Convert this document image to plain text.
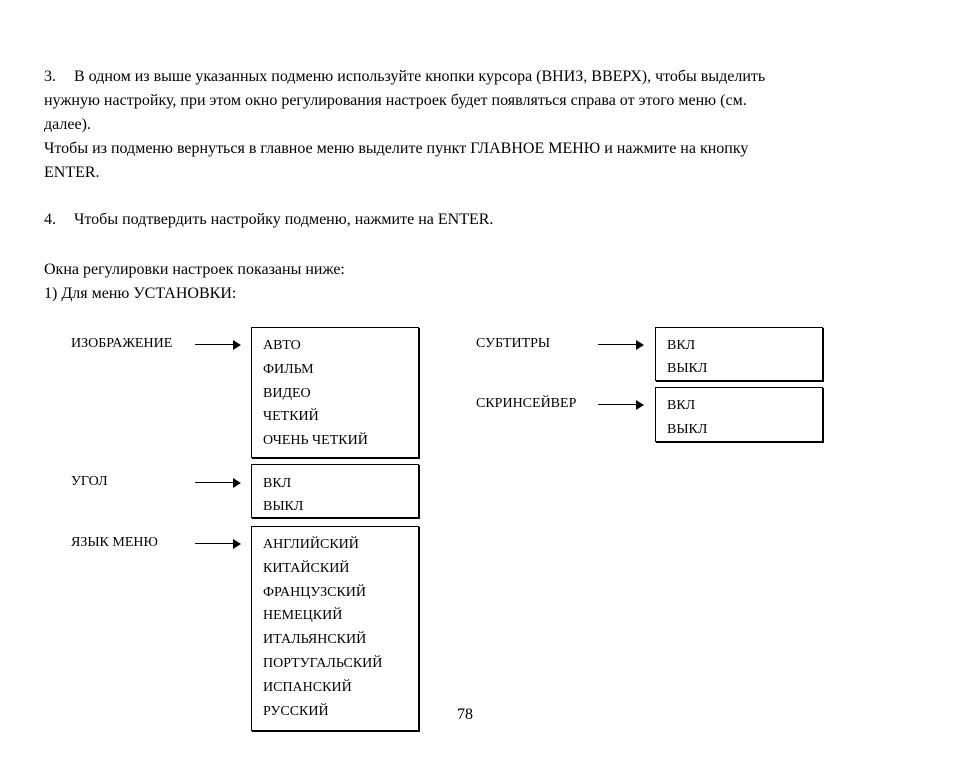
3. В одном из выше указанных подменю используйте кнопки курсора (ВНИЗ, ВВЕРХ), чтобы выделить
нужную настройку, при этом окно регулирования настроек будет появляться справа от этого меню (см.
далее).
Чтобы из подменю вернуться в главное меню выделите пункт ГЛАВНОЕ МЕНЮ и нажмите на кнопку
ENTER.
4. Чтобы подтвердить настройку подменю, нажмите на ENTER.
Окна регулировки настроек показаны ниже:
1) Для меню УСТАНОВКИ:
ИЗОБРАЖЕНИЕ	АВТО
ФИЛЬМ
ВИДЕО
ЧЕТКИЙ
ОЧЕНЬ ЧЕТКИЙ
УГОЛ	ВКЛ
ВЫКЛ
ЯЗЫК МЕНЮ	АНГЛИЙСКИЙ
КИТАЙСКИЙ
ФРАНЦУЗСКИЙ
НЕМЕЦКИЙ
ИТАЛЬЯНСКИЙ
ПОРТУГАЛЬСКИЙ
ИСПАНСКИЙ
РУССКИЙ
СУБТИТРЫ	ВКЛ
ВЫКЛ
СКРИНСЕЙВЕР	ВКЛ
ВЫКЛ
78
